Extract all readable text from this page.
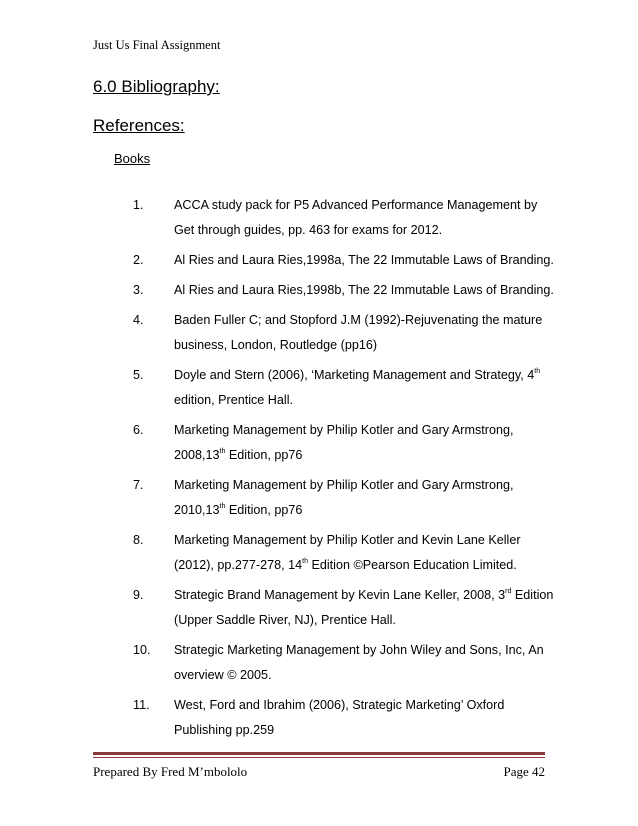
Just Us Final Assignment
6.0 Bibliography:
References:
Books
1. ACCA study pack for P5 Advanced Performance Management by Get through guides, pp. 463 for exams for 2012.
2. Al Ries and Laura Ries,1998a, The 22 Immutable Laws of Branding.
3. Al Ries and Laura Ries,1998b, The 22 Immutable Laws of Branding.
4. Baden Fuller C; and Stopford J.M (1992)-Rejuvenating the mature business, London, Routledge (pp16)
5. Doyle and Stern (2006), ‘Marketing Management and Strategy, 4th edition, Prentice Hall.
6. Marketing Management by Philip Kotler and Gary Armstrong, 2008,13th Edition, pp76
7. Marketing Management by Philip Kotler and Gary Armstrong, 2010,13th Edition, pp76
8. Marketing Management by Philip Kotler and Kevin Lane Keller (2012), pp.277-278, 14th Edition ©Pearson Education Limited.
9. Strategic Brand Management by Kevin Lane Keller, 2008, 3rd Edition (Upper Saddle River, NJ), Prentice Hall.
10. Strategic Marketing Management by John Wiley and Sons, Inc, An overview © 2005.
11. West, Ford and Ibrahim (2006), Strategic Marketing’ Oxford Publishing pp.259
Prepared By Fred M’mbololo	Page 42
